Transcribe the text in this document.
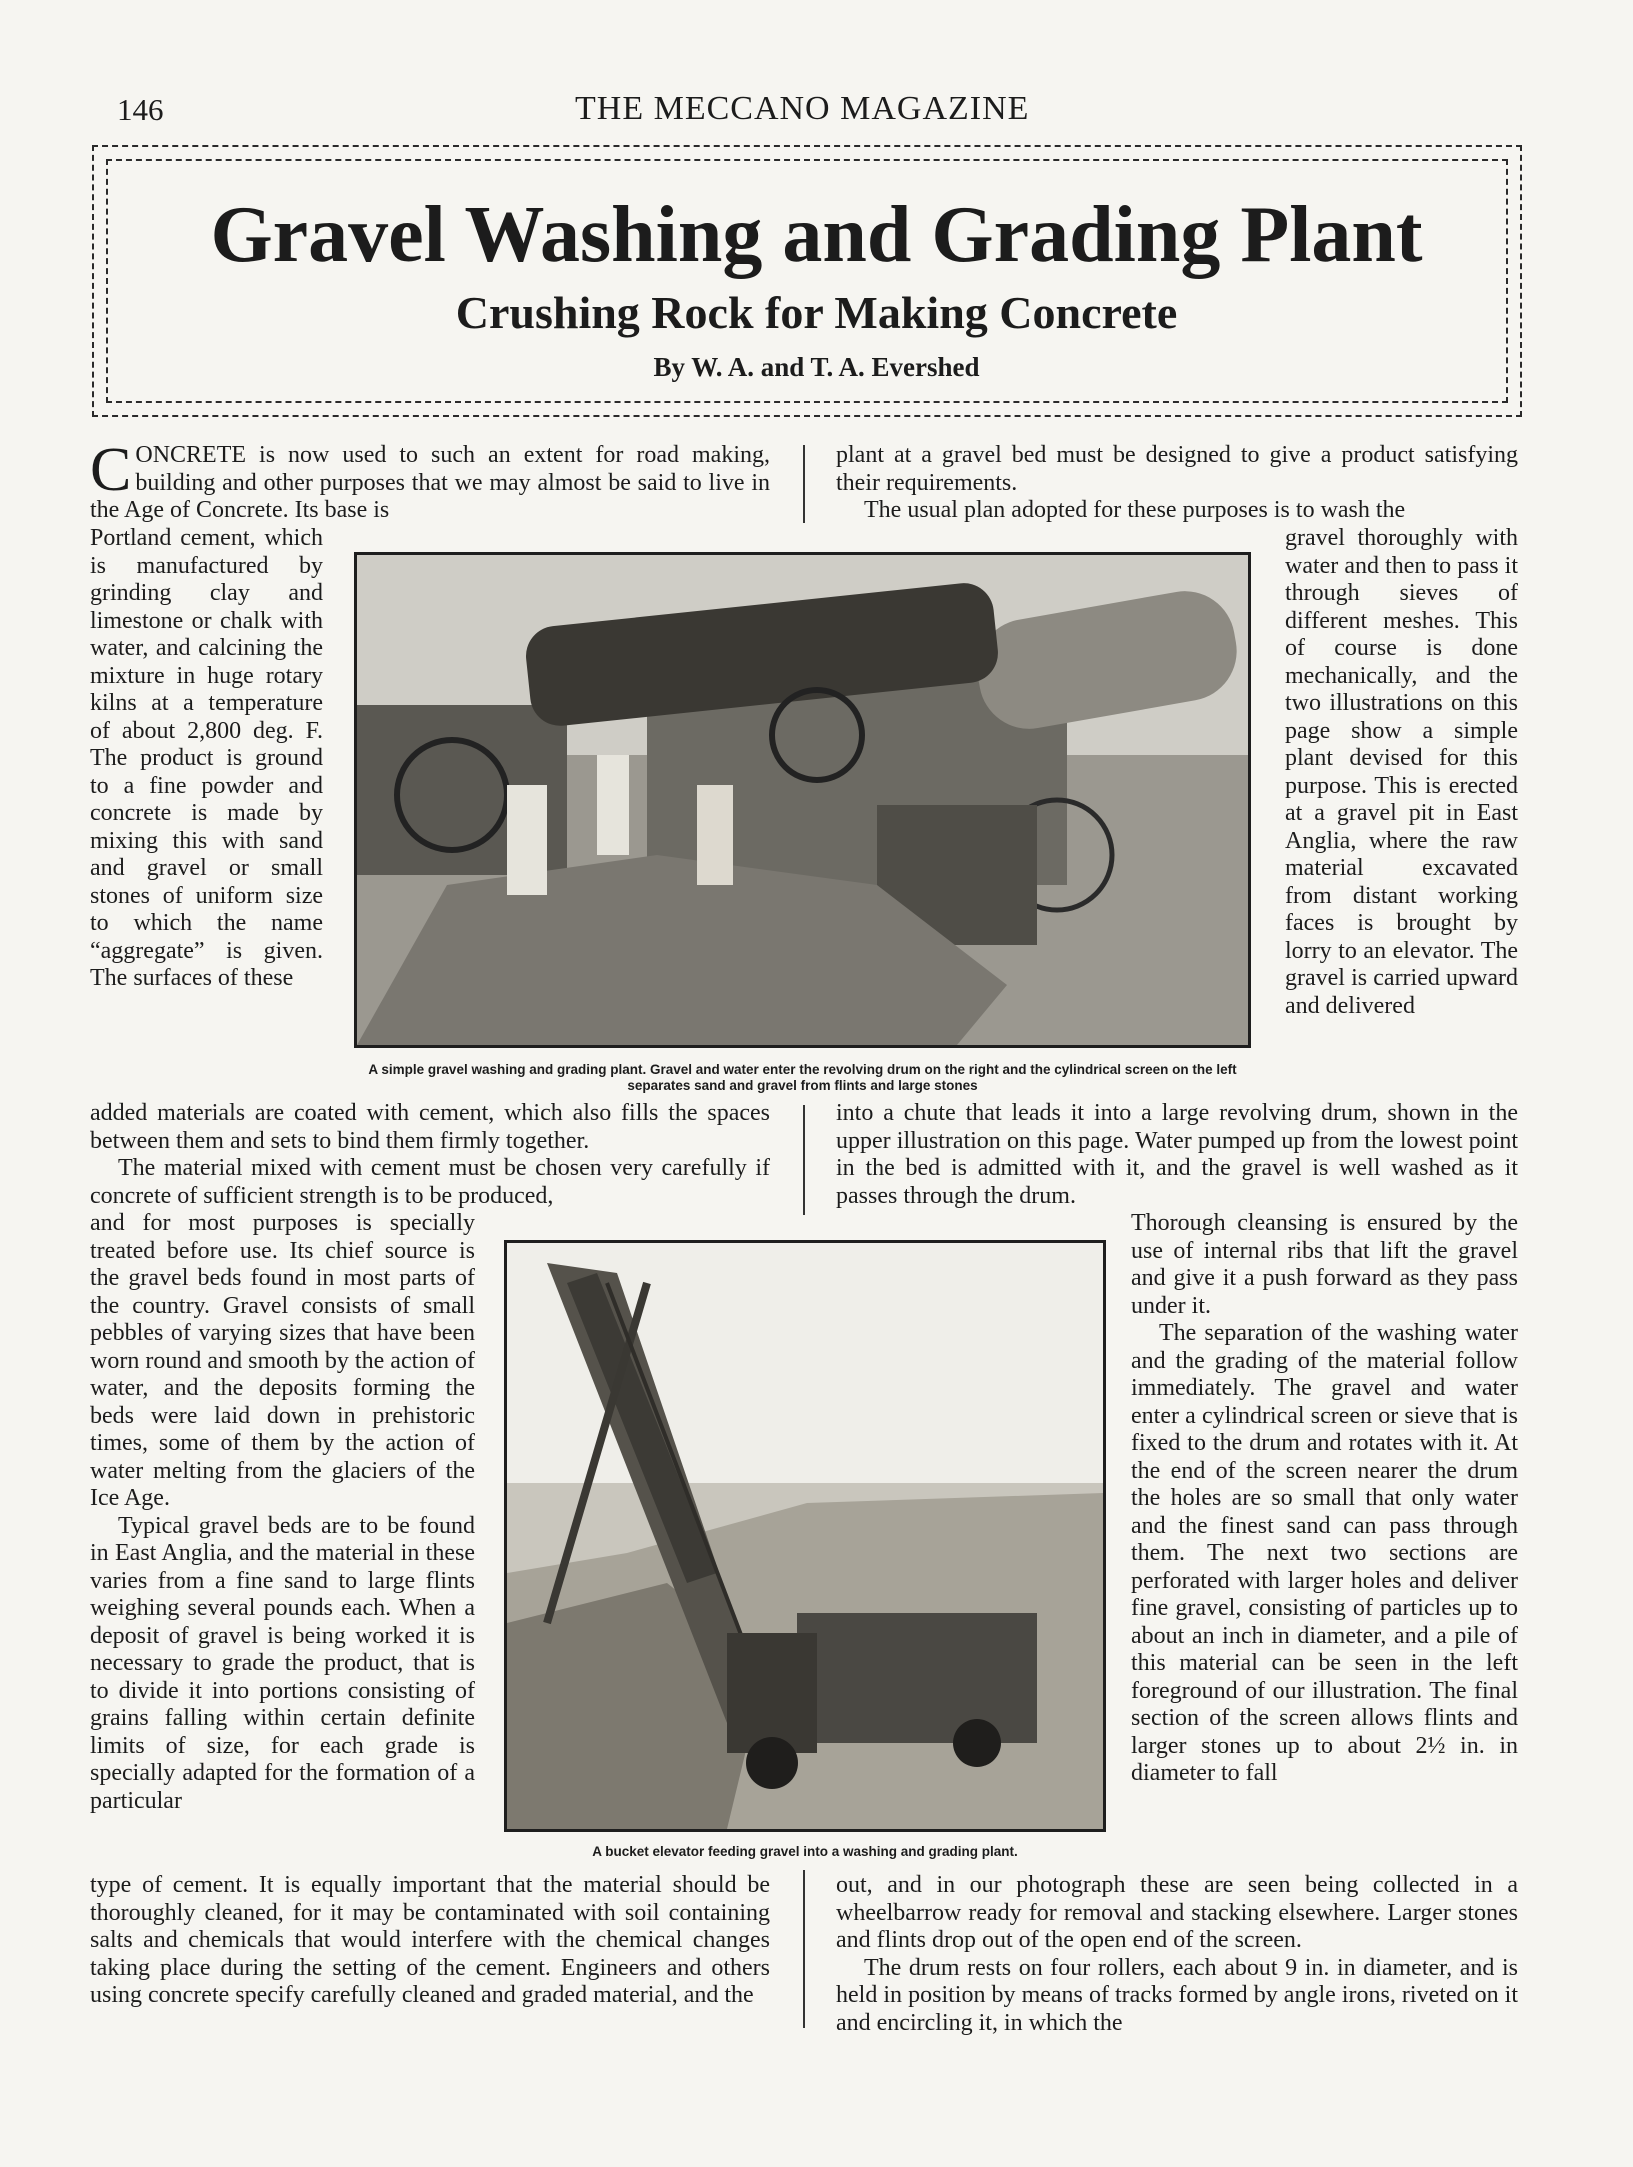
146	THE MECCANO MAGAZINE
Gravel Washing and Grading Plant
Crushing Rock for Making Concrete
By W. A. and T. A. Evershed

CONCRETE is now used to such an extent for road making, building and other purposes that we may almost be said to live in the Age of Concrete. Its base is

plant at a gravel bed must be designed to give a product satisfying their requirements.
The usual plan adopted for these purposes is to wash the

Portland cement, which is manufactured by grinding clay and limestone or chalk with water, and calcining the mixture in huge rotary kilns at a temperature of about 2,800 deg. F. The product is ground to a fine powder and concrete is made by mixing this with sand and gravel or small stones of uniform size to which the name “aggregate” is given. The surfaces of these

A simple gravel washing and grading plant. Gravel and water enter the revolving drum on the right and the cylindrical screen on the left separates sand and gravel from flints and large stones

gravel thoroughly with water and then to pass it through sieves of different meshes. This of course is done mechanically, and the two illustrations on this page show a simple plant devised for this purpose. This is erected at a gravel pit in East Anglia, where the raw material excavated from distant working faces is brought by lorry to an elevator. The gravel is carried upward and delivered

added materials are coated with cement, which also fills the spaces between them and sets to bind them firmly together.
The material mixed with cement must be chosen very carefully if concrete of sufficient strength is to be produced,

into a chute that leads it into a large revolving drum, shown in the upper illustration on this page. Water pumped up from the lowest point in the bed is admitted with it, and the gravel is well washed as it passes through the drum.

and for most purposes is specially treated before use. Its chief source is the gravel beds found in most parts of the country. Gravel consists of small pebbles of varying sizes that have been worn round and smooth by the action of water, and the deposits forming the beds were laid down in prehistoric times, some of them by the action of water melting from the glaciers of the Ice Age.
Typical gravel beds are to be found in East Anglia, and the material in these varies from a fine sand to large flints weighing several pounds each. When a deposit of gravel is being worked it is necessary to grade the product, that is to divide it into portions consisting of grains falling within certain definite limits of size, for each grade is specially adapted for the formation of a particular

A bucket elevator feeding gravel into a washing and grading plant.

Thorough cleansing is ensured by the use of internal ribs that lift the gravel and give it a push forward as they pass under it.
The separation of the washing water and the grading of the material follow immediately. The gravel and water enter a cylindrical screen or sieve that is fixed to the drum and rotates with it. At the end of the screen nearer the drum the holes are so small that only water and the finest sand can pass through them. The next two sections are perforated with larger holes and deliver fine gravel, consisting of particles up to about an inch in diameter, and a pile of this material can be seen in the left foreground of our illustration. The final section of the screen allows flints and larger stones up to about 2½ in. in diameter to fall

type of cement. It is equally important that the material should be thoroughly cleaned, for it may be contaminated with soil containing salts and chemicals that would interfere with the chemical changes taking place during the setting of the cement. Engineers and others using concrete specify carefully cleaned and graded material, and the

out, and in our photograph these are seen being collected in a wheelbarrow ready for removal and stacking elsewhere. Larger stones and flints drop out of the open end of the screen.
The drum rests on four rollers, each about 9 in. in diameter, and is held in position by means of tracks formed by angle irons, riveted on it and encircling it, in which the
